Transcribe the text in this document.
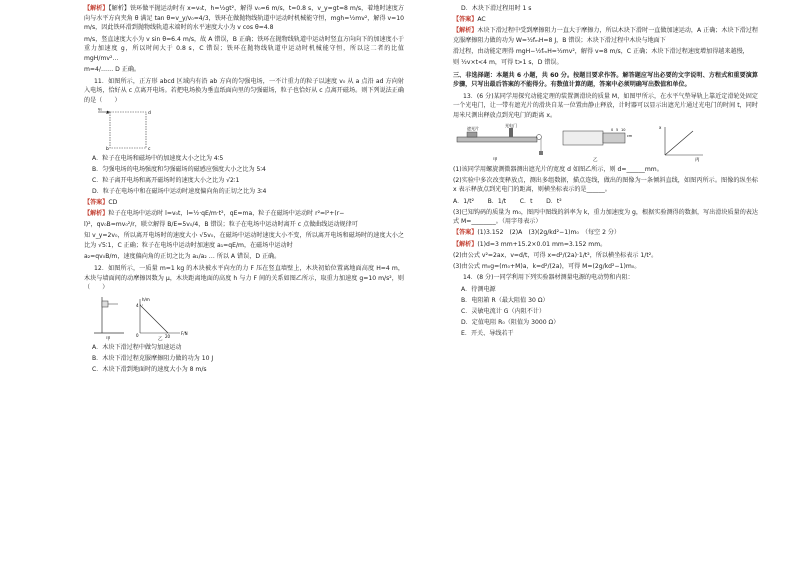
【解析】【解析】铁环做平抛运动时有 x=v₀t，h=½gt²，解得 v₀=6 m/s，t=0.8 s，v_y=gt=8 m/s，着地时速度方向与水平方向夹角 θ 满足 tan θ=v_y/v₀=4/3，铁环在做抛物线轨道中运动时机械能守恒，mgh=½mv²，解得 v=10 m/s，因此铁环滑到抛物线轨道末端时的水平速度大小为 v cos θ=4.8

m/s，竖直速度大小为 v sin θ=6.4 m/s，故 A 错误，B 正确；铁环在抛物线轨道中运动时竖直方向向下的加速度小于重力加速度 g，所以时间大于 0.8 s，C 错误；铁环在抛物线轨道中运动时机械能守恒，所以这二者的比值 mgH/mv²…

m=4/…… D 正确。

11．如图所示，正方形 abcd 区域内有沿 ab 方向的匀强电场，一不计重力的粒子以速度 v₀ 从 a 点沿 ad 方向射入电场，恰好从 c 点离开电场。若把电场换为垂直纸面向里的匀强磁场，粒子也恰好从 c 点离开磁场。则下列说法正确的是（　　）

a	d
b	c
v₀

A．粒子在电场和磁场中的加速度大小之比为 4∶5

B．匀强电场的电场强度和匀强磁场的磁感应强度大小之比为 5∶4

C．粒子离开电场和离开磁场时的速度大小之比为 √2∶1

D．粒子在电场中和在磁场中运动时速度偏向角的正切之比为 3∶4

【答案】CD

【解析】粒子在电场中运动时 l=v₀t，l=½·qE/m·t²，qE=ma，粒子在磁场中运动时 r²=l²+(r−

l)²，qv₀B=mv₀²/r，联立解得 B/E=5v₀/4，B 错误；粒子在电场中运动时离开 c 点做曲线运动规律可

知 v_y=2v₀，所以离开电场时的速度大小 √5v₀，在磁场中运动时速度大小不变，所以离开电场和磁场时的速度大小之比为 √5∶1，C 正确；粒子在电场中运动时加速度 a₁=qE/m，在磁场中运动时

a₂=qv₀B/m，速度偏向角的正切之比为 a₁/a₂ … 所以 A 错误，D 正确。

12．如图所示，一质量 m=1 kg 的木块被水平向左的力 F 压在竖直墙壁上，木块初始位置离地面高度 H=4 m，木块与墙面间的动摩擦因数为 μ，木块距离地面的高度 h 与力 F 间的关系如图乙所示，取重力加速度 g=10 m/s²，则（　　）

甲
F/N
h/m
4
20
0
乙

A．木块下滑过程中做匀加速运动

B．木块下滑过程克服摩擦阻力做的功为 10 J

C．木块下滑到地面时的速度大小为 8 m/s

D．木块下滑过程用时 1 s

【答案】AC

【解析】木块下滑过程中受到摩擦阻力一直大于摩擦力，所以木块下滑时一直做加速运动，A 正确；木块下滑过程克服摩擦阻力做的功为 W=½fₘH=8 J，B 错误；木块下滑过程中木块与地面下

滑过程，由动能定理得 mgH−½fₘH=½mv²，解得 v=8 m/s，C 正确；木块下滑过程速度增加得越来越慢，

则 ½v×t<4 m，可得 t>1 s，D 错误。

三、非选择题：本题共 6 小题，共 60 分。按题目要求作答。解答题应写出必要的文字说明、方程式和重要演算步骤，只写出最后答案的不能得分。有数值计算的题，答案中必须明确写出数值和单位。

13．(6 分)某同学用探究动能定理的装置测滑块的质量 M，如图甲所示，在水平气垫导轨上靠近定滑轮处固定一个光电门，让一带有遮光片的滑块自某一位置由静止释放，计时器可以显示出遮光片通过光电门的时间 t，同时用米尺测出释放点到光电门的距离 x。

遮光片
光电门
甲
0 5 10
cm
乙
x
丙

(1)该同学用螺旋测微器测出遮光片的宽度 d 如图乙所示，则 d=______mm。

(2)实验中多次改变释放点，测出多组数据，描点连线，做出的图像为一条倾斜直线，如图丙所示。图像的纵坐标 x 表示释放点到光电门的距离，则横坐标表示的是______。

A．1/t² B．1/t C．t D．t²

(3)已知钩码的质量为 m₀，图丙中图线的斜率为 k，重力加速度为 g，根据实验测得的数据，写出滑块质量的表达式 M=________。（用字母表示）

【答案】(1)3.152　(2)A　(3)(2g/kd²−1)m₀　（每空 2 分）

【解析】(1)d=3 mm+15.2×0.01 mm=3.152 mm。

(2)由公式 v²=2ax，v=d/t，可得 x=d²/(2a)·1/t²，所以横坐标表示 1/t²。

(3)由公式 m₀g=(m₀+M)a，k=d²/(2a)，可得 M=(2g/kd²−1)m₀。

14．(8 分)一同学利用下列实验器材测量电源的电动势和内阻：

A．待测电源

B．电阻箱 R（最大阻值 30 Ω）

C．灵敏电流计 G（内阻不计）

D．定值电阻 R₀（阻值为 3000 Ω）

E．开关、导线若干
